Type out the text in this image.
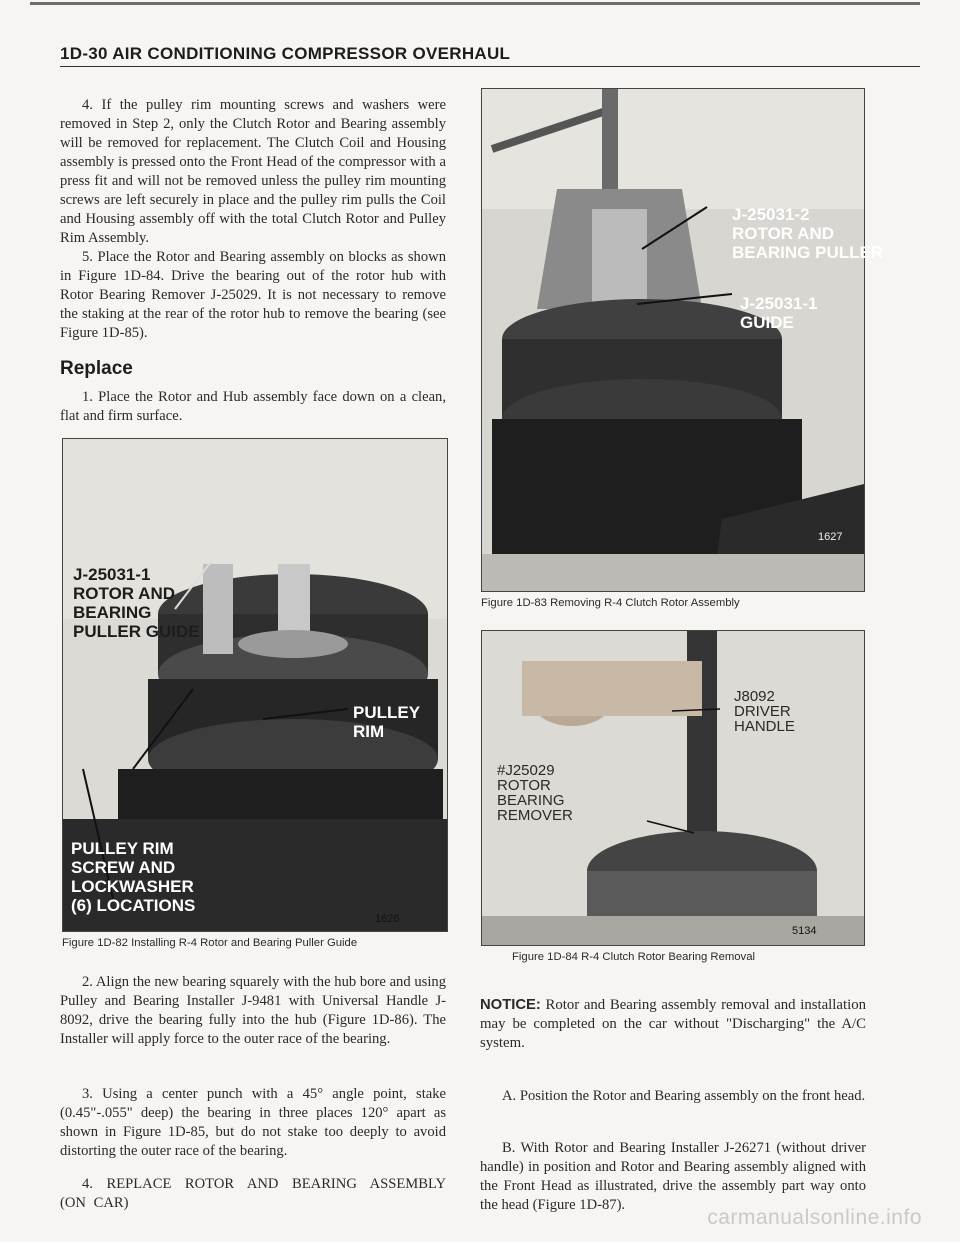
1D-30 AIR CONDITIONING COMPRESSOR OVERHAUL

4. If the pulley rim mounting screws and washers were removed in Step 2, only the Clutch Rotor and Bearing assembly will be removed for replacement. The Clutch Coil and Housing assembly is pressed onto the Front Head of the compressor with a press fit and will not be removed unless the pulley rim mounting screws are left securely in place and the pulley rim pulls the Coil and Housing assembly off with the total Clutch Rotor and Pulley Rim Assembly.

5. Place the Rotor and Bearing assembly on blocks as shown in Figure 1D-84. Drive the bearing out of the rotor hub with Rotor Bearing Remover J-25029. It is not necessary to remove the staking at the rear of the rotor hub to remove the bearing (see Figure 1D-85).

Replace

1. Place the Rotor and Hub assembly face down on a clean, flat and firm surface.

J-25031-1
ROTOR AND
BEARING
PULLER GUIDE
PULLEY RIM
PULLEY RIM
SCREW AND
LOCKWASHER
(6) LOCATIONS
1626
Figure 1D-82 Installing R-4 Rotor and Bearing Puller Guide

2. Align the new bearing squarely with the hub bore and using Pulley and Bearing Installer J-9481 with Universal Handle J-8092, drive the bearing fully into the hub (Figure 1D-86). The Installer will apply force to the outer race of the bearing.

3. Using a center punch with a 45° angle point, stake (0.45"-.055" deep) the bearing in three places 120° apart as shown in Figure 1D-85, but do not stake too deeply to avoid distorting the outer race of the bearing.

4. REPLACE ROTOR AND BEARING ASSEMBLY (ON CAR)

J-25031-2
ROTOR AND
BEARING PULLER
J-25031-1
GUIDE
1627
Figure 1D-83 Removing R-4 Clutch Rotor Assembly
J8092
DRIVER
HANDLE
#J25029
ROTOR
BEARING
REMOVER
5134
Figure 1D-84 R-4 Clutch Rotor Bearing Removal

NOTICE: Rotor and Bearing assembly removal and installation may be completed on the car without "Discharging" the A/C system.

A. Position the Rotor and Bearing assembly on the front head.

B. With Rotor and Bearing Installer J-26271 (without driver handle) in position and Rotor and Bearing assembly aligned with the Front Head as illustrated, drive the assembly part way onto the head (Figure 1D-87).

carmanualsonline.info
